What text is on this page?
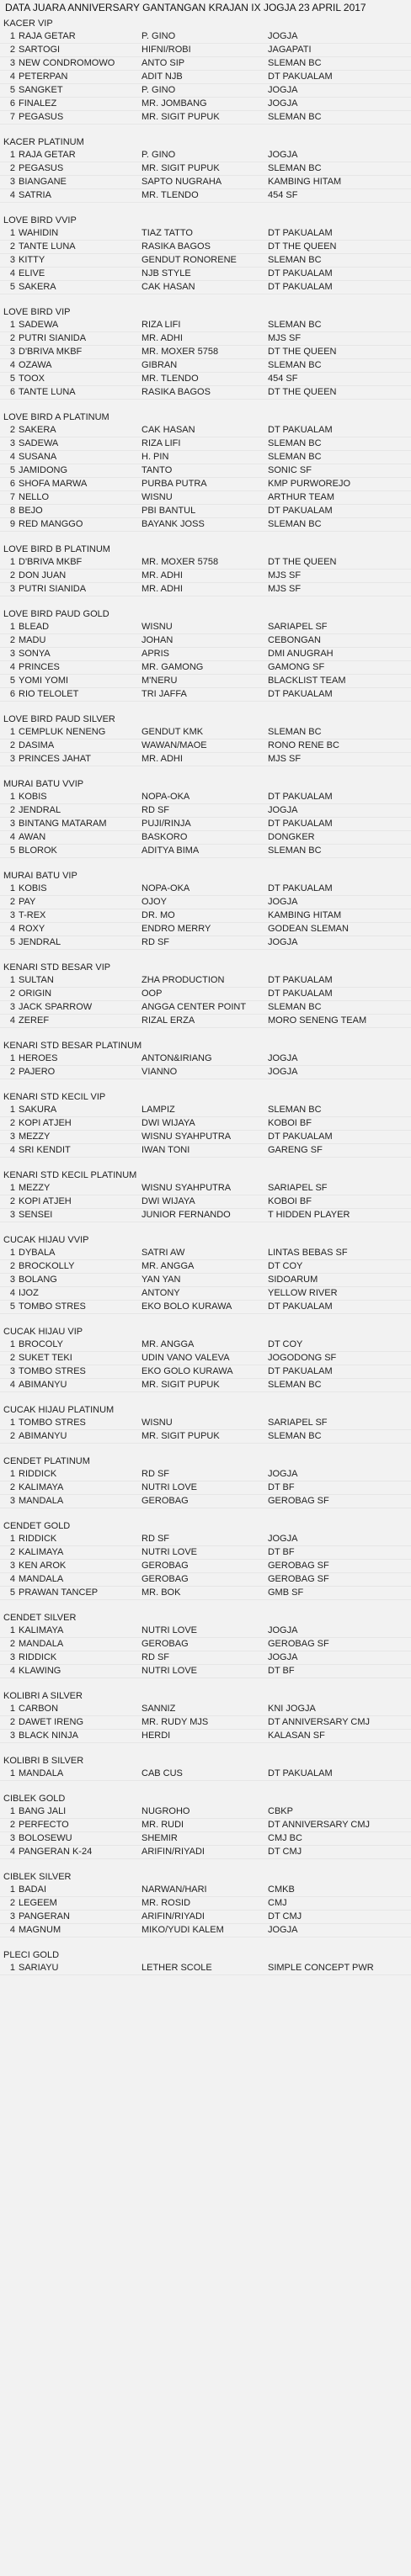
DATA JUARA ANNIVERSARY GANTANGAN KRAJAN IX JOGJA 23 APRIL 2017
KACER VIP
1 RAJA GETAR	P. GINO	JOGJA
2 SARTOGI	HIFNI/ROBI	JAGAPATI
3 NEW CONDROMOWO	ANTO SIP	SLEMAN BC
4 PETERPAN	ADIT NJB	DT PAKUALAM
5 SANGKET	P. GINO	JOGJA
6 FINALEZ	MR. JOMBANG	JOGJA
7 PEGASUS	MR. SIGIT PUPUK	SLEMAN BC
KACER PLATINUM
1 RAJA GETAR	P. GINO	JOGJA
2 PEGASUS	MR. SIGIT PUPUK	SLEMAN BC
3 BIANGANE	SAPTO NUGRAHA	KAMBING HITAM
4 SATRIA	MR. TLENDO	454 SF
LOVE BIRD VVIP
1 WAHIDIN	TIAZ TATTO	DT PAKUALAM
2 TANTE LUNA	RASIKA BAGOS	DT THE QUEEN
3 KITTY	GENDUT RONORENE	SLEMAN BC
4 ELIVE	NJB STYLE	DT PAKUALAM
5 SAKERA	CAK HASAN	DT PAKUALAM
LOVE BIRD VIP
1 SADEWA	RIZA LIFI	SLEMAN BC
2 PUTRI SIANIDA	MR. ADHI	MJS SF
3 D'BRIVA MKBF	MR. MOXER 5758	DT THE QUEEN
4 OZAWA	GIBRAN	SLEMAN BC
5 TOOX	MR. TLENDO	454 SF
6 TANTE LUNA	RASIKA BAGOS	DT THE QUEEN
LOVE BIRD A PLATINUM
2 SAKERA	CAK HASAN	DT PAKUALAM
3 SADEWA	RIZA LIFI	SLEMAN BC
4 SUSANA	H. PIN	SLEMAN BC
5 JAMIDONG	TANTO	SONIC SF
6 SHOFA MARWA	PURBA PUTRA	KMP PURWOREJO
7 NELLO	WISNU	ARTHUR TEAM
8 BEJO	PBI BANTUL	DT PAKUALAM
9 RED MANGGO	BAYANK JOSS	SLEMAN BC
LOVE BIRD B PLATINUM
1 D'BRIVA MKBF	MR. MOXER 5758	DT THE QUEEN
2 DON JUAN	MR. ADHI	MJS SF
3 PUTRI SIANIDA	MR. ADHI	MJS SF
LOVE BIRD PAUD GOLD
1 BLEAD	WISNU	SARIAPEL SF
2 MADU	JOHAN	CEBONGAN
3 SONYA	APRIS	DMI ANUGRAH
4 PRINCES	MR. GAMONG	GAMONG SF
5 YOMI YOMI	M'NERU	BLACKLIST TEAM
6 RIO TELOLET	TRI JAFFA	DT PAKUALAM
LOVE BIRD PAUD SILVER
1 CEMPLUK NENENG	GENDUT KMK	SLEMAN BC
2 DASIMA	WAWAN/MAOE	RONO RENE BC
3 PRINCES JAHAT	MR. ADHI	MJS SF
MURAI BATU VVIP
1 KOBIS	NOPA-OKA	DT PAKUALAM
2 JENDRAL	RD SF	JOGJA
3 BINTANG MATARAM	PUJI/RINJA	DT PAKUALAM
4 AWAN	BASKORO	DONGKER
5 BLOROK	ADITYA BIMA	SLEMAN BC
MURAI BATU VIP
1 KOBIS	NOPA-OKA	DT PAKUALAM
2 PAY	OJOY	JOGJA
3 T-REX	DR. MO	KAMBING HITAM
4 ROXY	ENDRO MERRY	GODEAN SLEMAN
5 JENDRAL	RD SF	JOGJA
KENARI STD BESAR VIP
1 SULTAN	ZHA PRODUCTION	DT PAKUALAM
2 ORIGIN	OOP	DT PAKUALAM
3 JACK SPARROW	ANGGA CENTER POINT	SLEMAN BC
4 ZEREF	RIZAL ERZA	MORO SENENG TEAM
KENARI STD BESAR PLATINUM
1 HEROES	ANTON&IRIANG	JOGJA
2 PAJERO	VIANNO	JOGJA
KENARI STD KECIL VIP
1 SAKURA	LAMPIZ	SLEMAN BC
2 KOPI ATJEH	DWI WIJAYA	KOBOI BF
3 MEZZY	WISNU SYAHPUTRA	DT PAKUALAM
4 SRI KENDIT	IWAN TONI	GARENG SF
KENARI STD KECIL PLATINUM
1 MEZZY	WISNU SYAHPUTRA	SARIAPEL SF
2 KOPI ATJEH	DWI WIJAYA	KOBOI BF
3 SENSEI	JUNIOR FERNANDO	T HIDDEN PLAYER
CUCAK HIJAU VVIP
1 DYBALA	SATRI AW	LINTAS BEBAS SF
2 BROCKOLLY	MR. ANGGA	DT COY
3 BOLANG	YAN YAN	SIDOARUM
4 IJOZ	ANTONY	YELLOW RIVER
5 TOMBO STRES	EKO BOLO KURAWA	DT PAKUALAM
CUCAK HIJAU VIP
1 BROCOLY	MR. ANGGA	DT COY
2 SUKET TEKI	UDIN VANO VALEVA	JOGODONG SF
3 TOMBO STRES	EKO GOLO KURAWA	DT PAKUALAM
4 ABIMANYU	MR. SIGIT PUPUK	SLEMAN BC
CUCAK HIJAU PLATINUM
1 TOMBO STRES	WISNU	SARIAPEL SF
2 ABIMANYU	MR. SIGIT PUPUK	SLEMAN BC
CENDET PLATINUM
1 RIDDICK	RD SF	JOGJA
2 KALIMAYA	NUTRI LOVE	DT BF
3 MANDALA	GEROBAG	GEROBAG SF
CENDET GOLD
1 RIDDICK	RD SF	JOGJA
2 KALIMAYA	NUTRI LOVE	DT BF
3 KEN AROK	GEROBAG	GEROBAG SF
4 MANDALA	GEROBAG	GEROBAG SF
5 PRAWAN TANCEP	MR. BOK	GMB SF
CENDET SILVER
1 KALIMAYA	NUTRI LOVE	JOGJA
2 MANDALA	GEROBAG	GEROBAG SF
3 RIDDICK	RD SF	JOGJA
4 KLAWING	NUTRI LOVE	DT BF
KOLIBRI A SILVER
1 CARBON	SANNIZ	KNI JOGJA
2 DAWET IRENG	MR. RUDY MJS	DT ANNIVERSARY CMJ
3 BLACK NINJA	HERDI	KALASAN SF
KOLIBRI B SILVER
1 MANDALA	CAB CUS	DT PAKUALAM
CIBLEK GOLD
1 BANG JALI	NUGROHO	CBKP
2 PERFECTO	MR. RUDI	DT ANNIVERSARY CMJ
3 BOLOSEWU	SHEMIR	CMJ BC
4 PANGERAN K-24	ARIFIN/RIYADI	DT CMJ
CIBLEK SILVER
1 BADAI	NARWAN/HARI	CMKB
2 LEGEEM	MR. ROSID	CMJ
3 PANGERAN	ARIFIN/RIYADI	DT CMJ
4 MAGNUM	MIKO/YUDI KALEM	JOGJA
PLECI GOLD
1 SARIAYU	LETHER SCOLE	SIMPLE CONCEPT PWR
